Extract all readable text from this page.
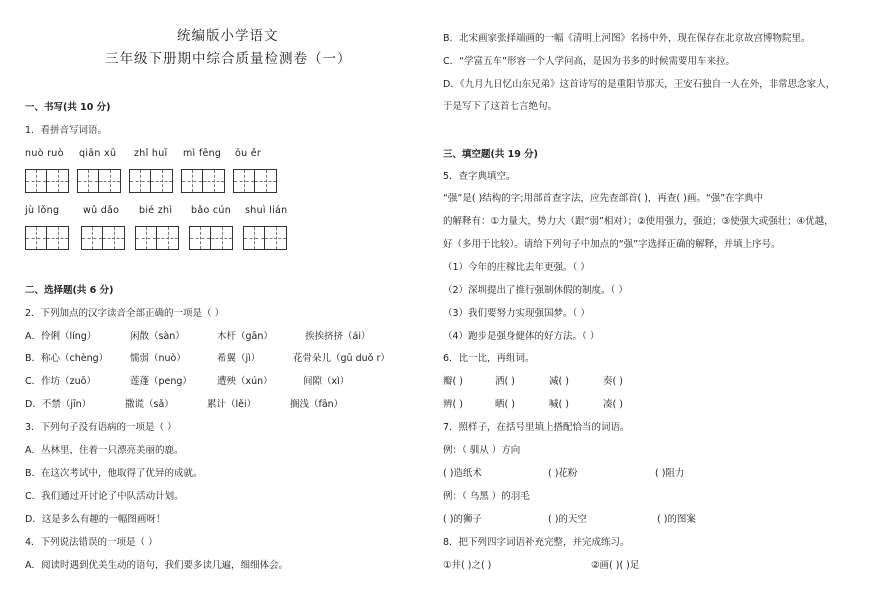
统编版小学语文
三年级下册期中综合质量检测卷（一）
一、书写(共 10 分)
1．看拼音写词语。
nuò ruò qiān xū zhǐ huī mì fēng ōu ěr
jù lǒng wǔ dǎo bié zhì bǎo cún shuì lián
二、选择题(共 6 分)
2．下列加点的汉字读音全部正确的一项是（ ）
A．伶俐（líng）	闲散（sàn）	木杆（gān）	挨挨挤挤（ái）
B．称心（chèng） 懦弱（nuò）	希翼（jì）	花骨朵儿（gū duǒ r）
C．作坊（zuō）	莲蓬（peng）	遭殃（xún）	间隙（xì）
D．不禁（jīn）	撒谎（sǎ）	累计（lěi）	搁浅（fān）
3．下列句子没有语病的一项是（ ）
A．丛林里，住着一只漂亮美丽的鹿。
B．在这次考试中，他取得了优异的成就。
C．我们通过开讨论了中队活动计划。
D．这是多么有趣的一幅图画呀！
4．下列说法错误的一项是（ ）
A．阅读时遇到优美生动的语句，我们要多读几遍，细细体会。
B．北宋画家张择端画的一幅《清明上河图》名扬中外，现在保存在北京故宫博物院里。
C．“学富五车”形容一个人学问高，是因为书多的时候需要用车来拉。
D．《九月九日忆山东兄弟》这首诗写的是重阳节那天，王安石独自一人在外，非常思念家人，
于是写下了这首七言绝句。
三、填空题(共 19 分)
5．查字典填空。
“强”是( )结构的字;用部首查字法，应先查部首( )，再查( )画。“强”在字典中
的解释有：①力量大，势力大（跟“弱”相对）；②使用强力，强迫；③使强大或强壮；④优越，
好（多用于比较）。请给下列句子中加点的“强”字选择正确的解释，并填上序号。
（1）今年的庄稼比去年更强。（ ）
（2）深圳提出了推行强制休假的制度。（ ）
（3）我们要努力实现强国梦。（ ）
（4）跑步是强身健体的好方法。（ ）
6．比一比，再组词。
瓣( )	洒( )	减( )	奏( )
辨( )	晒( )	喊( )	凑( )
7．照样子，在括号里填上搭配恰当的词语。
例：（ 驯从 ）方向
( )造纸术	( )花粉	( )阻力
例：（ 乌黑 ）的羽毛
( )的狮子	( )的天空	( )的图案
8．把下列四字词语补充完整，并完成练习。
①井( )之( )	②画( )( )足
